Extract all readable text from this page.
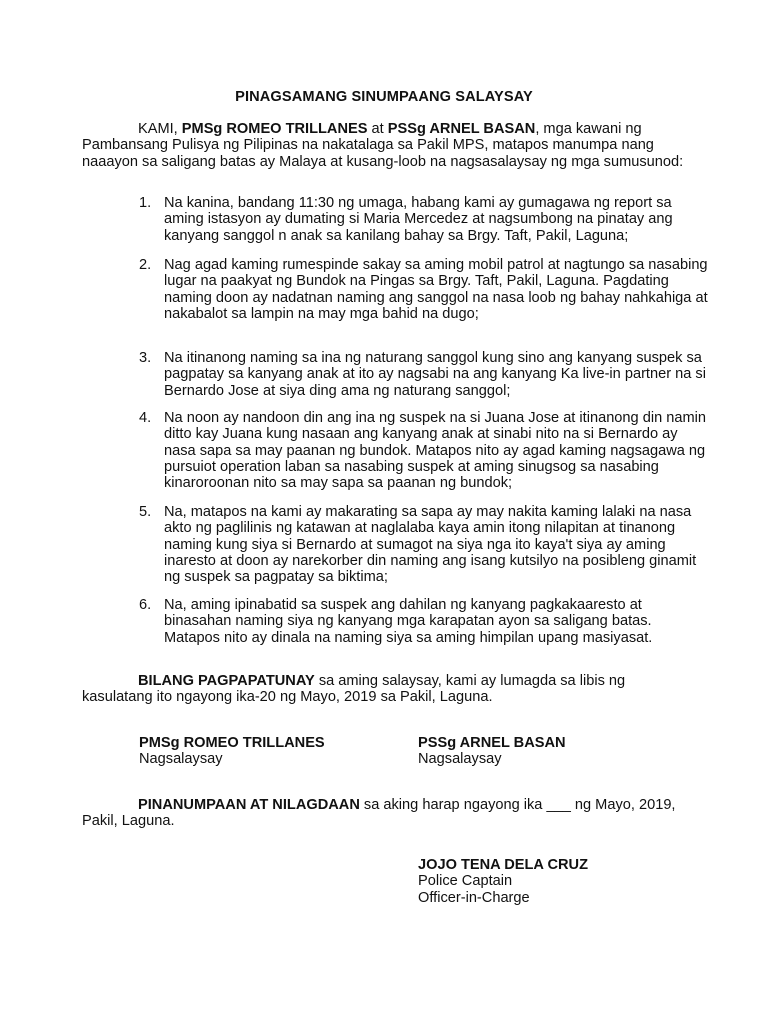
PINAGSAMANG SINUMPAANG SALAYSAY
KAMI, PMSg ROMEO TRILLANES at PSSg ARNEL BASAN, mga kawani ng Pambansang Pulisya ng Pilipinas na nakatalaga sa Pakil MPS, matapos manumpa nang naaayon sa saligang batas ay Malaya at kusang-loob na nagsasalaysay ng mga sumusunod:
1. Na kanina, bandang 11:30 ng umaga, habang kami ay gumagawa ng report sa aming istasyon ay dumating si Maria Mercedez at nagsumbong na pinatay ang kanyang sanggol n anak sa kanilang bahay sa Brgy. Taft, Pakil, Laguna;
2. Nag agad kaming rumespinde sakay sa aming mobil patrol at nagtungo sa nasabing lugar na paakyat ng Bundok na Pingas sa Brgy. Taft, Pakil, Laguna. Pagdating naming doon ay nadatnan naming ang sanggol na nasa loob ng bahay nahkahiga at nakabalot sa lampin na may mga bahid na dugo;
3. Na itinanong naming sa ina ng naturang sanggol kung sino ang kanyang suspek sa pagpatay sa kanyang anak at ito ay nagsabi na ang kanyang Ka live-in partner na si Bernardo Jose at siya ding ama ng naturang sanggol;
4. Na noon ay nandoon din ang ina ng suspek na si Juana Jose at itinanong din namin ditto kay Juana kung nasaan ang kanyang anak at sinabi nito na si Bernardo ay nasa sapa sa may paanan ng bundok. Matapos nito ay agad kaming nagsagawa ng pursuiot operation laban sa nasabing suspek at aming sinugsog sa nasabing kinaroroonan nito sa may sapa sa paanan ng bundok;
5. Na, matapos na kami ay makarating sa sapa ay may nakita kaming lalaki na nasa akto ng paglilinis ng katawan at naglalaba kaya amin itong nilapitan at tinanong naming kung siya si Bernardo at sumagot na siya nga ito kaya't siya ay aming inaresto at doon ay narekorber din naming ang isang kutsilyo na posibleng ginamit ng suspek sa pagpatay sa biktima;
6. Na, aming ipinabatid sa suspek ang dahilan ng kanyang pagkakaaresto at binasahan naming siya ng kanyang mga karapatan ayon sa saligang batas. Matapos nito ay dinala na naming siya sa aming himpilan upang masiyasat.
BILANG PAGPAPATUNAY sa aming salaysay, kami ay lumagda sa libis ng kasulatang ito ngayong ika-20 ng Mayo, 2019 sa Pakil, Laguna.
PMSg ROMEO TRILLANES
Nagsalaysay
PSSg ARNEL BASAN
Nagsalaysay
PINANUMPAAN AT NILAGDAAN sa aking harap ngayong ika ___ ng Mayo, 2019, Pakil, Laguna.
JOJO TENA DELA CRUZ
Police Captain
Officer-in-Charge
